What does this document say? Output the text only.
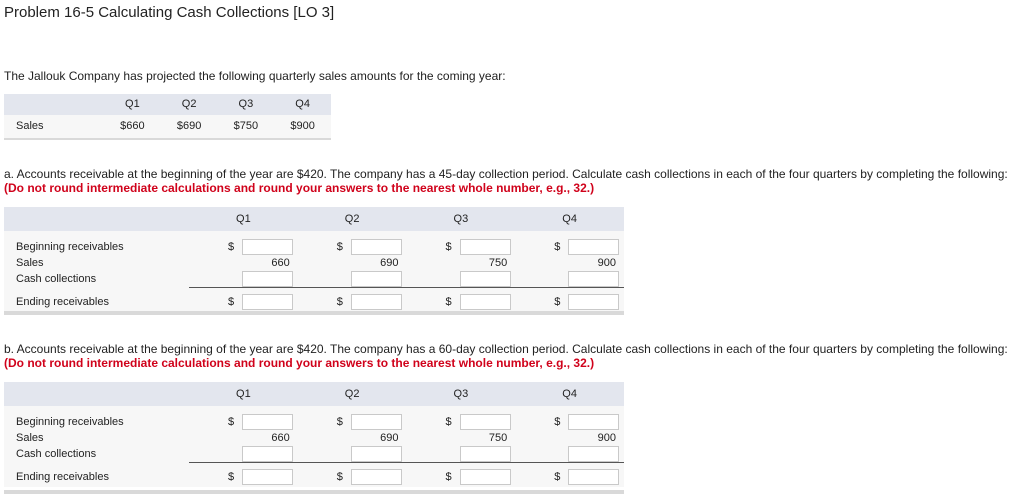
Problem 16-5 Calculating Cash Collections [LO 3]
The Jallouk Company has projected the following quarterly sales amounts for the coming year:
	Q1	Q2	Q3	Q4
Sales	$660	$690	$750	$900
a. Accounts receivable at the beginning of the year are $420. The company has a 45-day collection period. Calculate cash collections in each of the four quarters by completing the following:
(Do not round intermediate calculations and round your answers to the nearest whole number, e.g., 32.)
	Q1	Q2	Q3	Q4
Beginning receivables	$	$	$	$

Sales	660	690	750	900

Cash collections	

Ending receivables	$	$	$	$
b. Accounts receivable at the beginning of the year are $420. The company has a 60-day collection period. Calculate cash collections in each of the four quarters by completing the following: (Do not round intermediate calculations and round your answers to the nearest whole number, e.g., 32.)
	Q1	Q2	Q3	Q4
Beginning receivables	$	$	$	$

Sales	660	690	750	900

Cash collections	

Ending receivables	$	$	$	$
